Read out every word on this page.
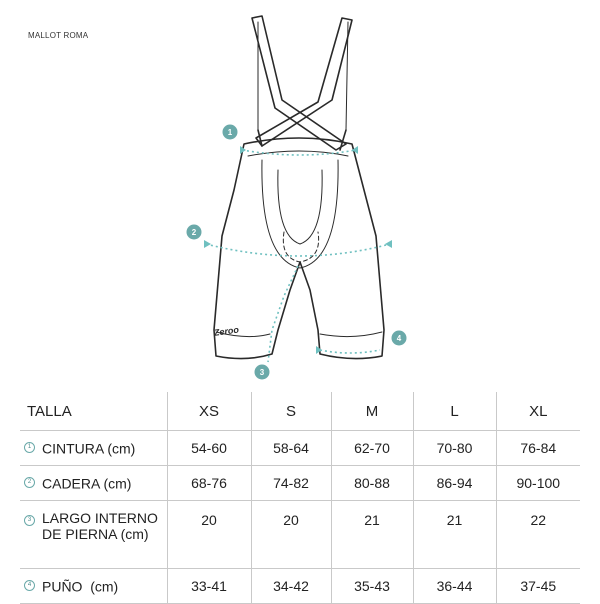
MALLOT ROMA
Zeroo
1
2
3
4
TALLA	XS	S	M	L	XL
1 CINTURA (cm)	54-60	58-64	62-70	70-80	76-84
2 CADERA (cm)	68-76	74-82	80-88	86-94	90-100
3 LARGO INTERNO
DE PIERNA (cm)	20	20	21	21	22
4 PUÑO  (cm)	33-41	34-42	35-43	36-44	37-45
